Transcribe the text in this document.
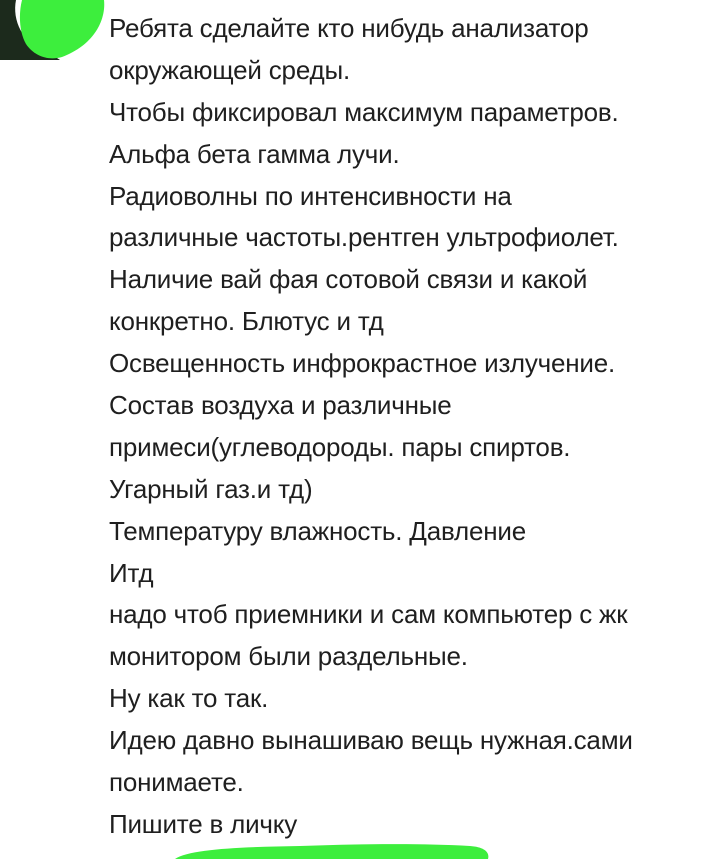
Ребята сделайте кто нибудь анализатор
окружающей среды.
Чтобы фиксировал максимум параметров.
Альфа бета гамма лучи.
Радиоволны по интенсивности на
различные частоты.рентген ультрофиолет.
Наличие вай фая сотовой связи и какой
конкретно. Блютус и тд
Освещенность инфрокрастное излучение.
Состав воздуха и различные
примеси(углеводороды. пары спиртов.
Угарный газ.и тд)
Температуру влажность. Давление
Итд
надо чтоб приемники и сам компьютер с жк
монитором были раздельные.
Ну как то так.
Идею давно вынашиваю вещь нужная.сами
понимаете.
Пишите в личку
